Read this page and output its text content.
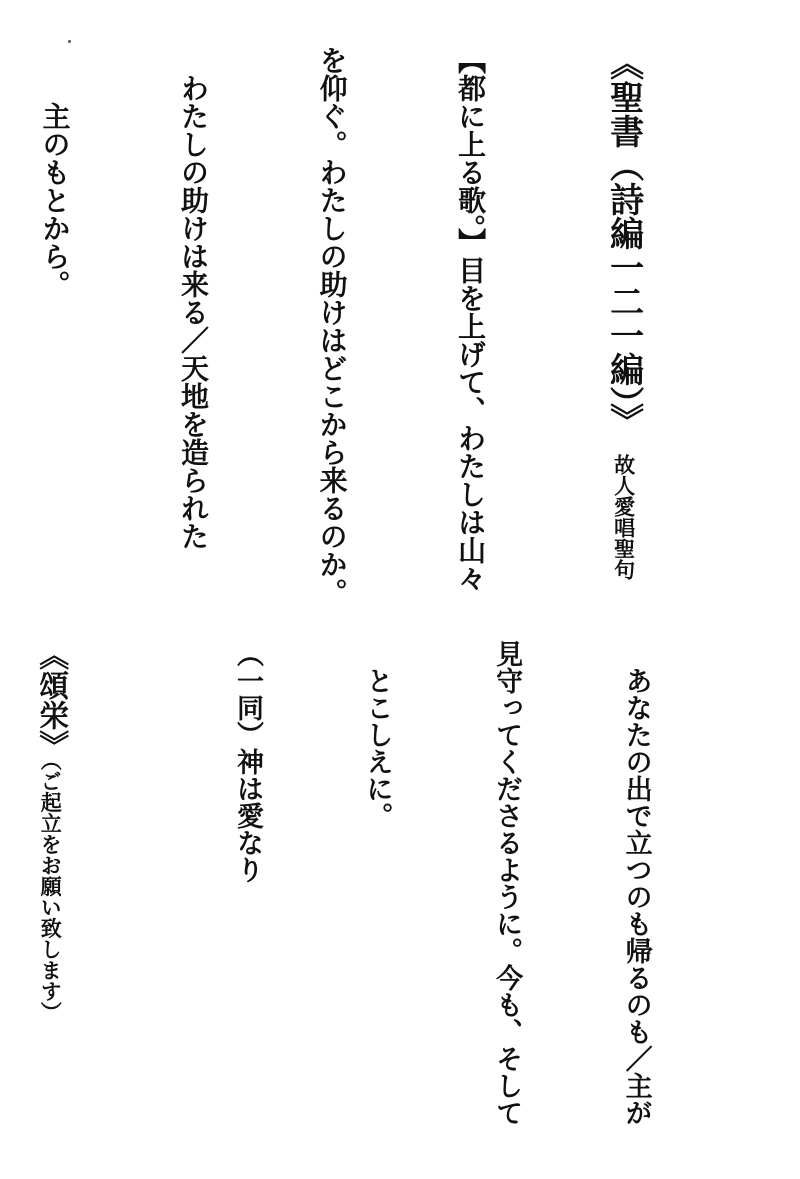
《聖書（詩編一二一編）》　故人愛唱聖句

【都に上る歌。】目を上げて、わたしは山々

を仰ぐ。わたしの助けはどこから来るのか。

わたしの助けは来る／天地を造られた

主のもとから。

あなたの出で立つのも帰るのも／主が

見守ってくださるように。今も、そして

とこしえに。

（一同）神は愛なり

《頌栄》（ご起立をお願い致します）
